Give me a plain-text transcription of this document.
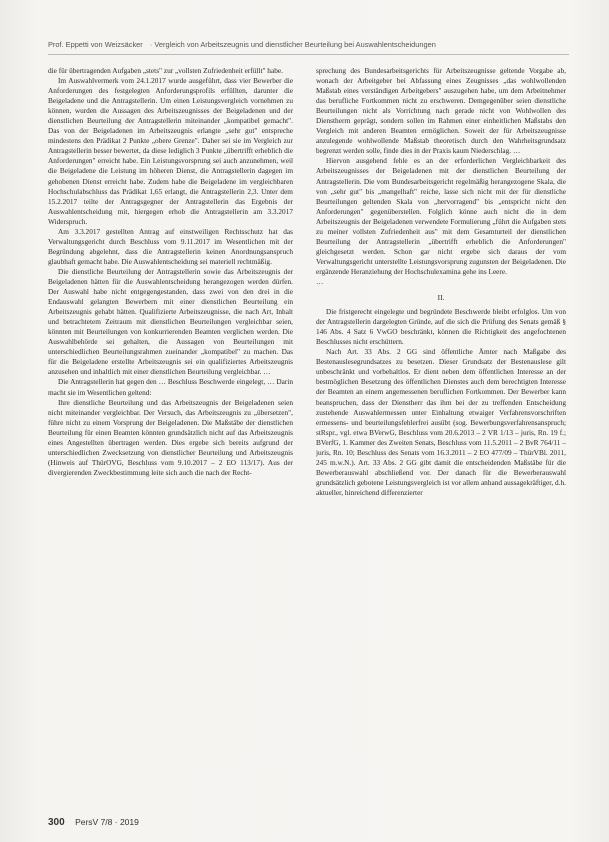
Prof. Eppetti von Weizsäcker · Vergleich von Arbeitszeugnis und dienstlicher Beurteilung bei Auswahlentscheidungen

die für übertragenden Aufgaben „stets" zur „vollsten Zufriedenheit erfüllt" habe.

Im Auswahlvermerk vom 24.1.2017 wurde ausgeführt, dass vier Bewerber die Anforderungen des festgelegten Anforderungsprofils erfüllten, darunter die Beigeladene und die Antragstellerin. Um einen Leistungsvergleich vornehmen zu können, wurden die Aussagen des Arbeitszeugnisses der Beigeladenen und der dienstlichen Beurteilung der Antragstellerin miteinander „kompatibel gemacht". Das von der Beigeladenen im Arbeitszeugnis erlangte „sehr gut" entspreche mindestens den Prädikat 2 Punkte „obere Grenze". Daher sei sie im Vergleich zur Antragstellerin besser bewertet, da diese lediglich 3 Punkte „übertrifft erheblich die Anforderungen" erreicht habe. Ein Leistungsvorsprung sei auch anzunehmen, weil die Beigeladene die Leistung im höheren Dienst, die Antragstellerin dagegen im gehobenen Dienst erreicht habe. Zudem habe die Beigeladene im vergleichbaren Hochschulabschluss das Prädikat 1,65 erlangt, die Antragstellerin 2,3. Unter dem 15.2.2017 teilte der Antragsgegner der Antragstellerin das Ergebnis der Auswahlentscheidung mit, hiergegen erhob die Antragstellerin am 3.3.2017 Widerspruch.

Am 3.3.2017 gestellten Antrag auf einstweiligen Rechtsschutz hat das Verwaltungsgericht durch Beschluss vom 9.11.2017 im Wesentlichen mit der Begründung abgelehnt, dass die Antragstellerin keinen Anordnungsanspruch glaubhaft gemacht habe. Die Auswahlentscheidung sei materiell rechtmäßig.

Die dienstliche Beurteilung der Antragstellerin sowie das Arbeitszeugnis der Beigeladenen hätten für die Auswahlentscheidung herangezogen werden dürfen. Der Auswahl habe nicht entgegengestanden, dass zwei von den drei in die Endauswahl gelangten Bewerbern mit einer dienstlichen Beurteilung ein Arbeitszeugnis gehabt hätten. Qualifizierte Arbeitszeugnisse, die nach Art, Inhalt und betrachtetem Zeitraum mit dienstlichen Beurteilungen vergleichbar seien, könnten mit Beurteilungen von konkurrierenden Beamten verglichen werden. Die Auswahlbehörde sei gehalten, die Aussagen von Beurteilungen mit unterschiedlichen Beurteilungsrahmen zueinander „kompatibel" zu machen. Das für die Beigeladene erstellte Arbeitszeugnis sei ein qualifiziertes Arbeitszeugnis anzusehen und inhaltlich mit einer dienstlichen Beurteilung vergleichbar. …

Die Antragstellerin hat gegen den … Beschluss Beschwerde eingelegt, … Darin macht sie im Wesentlichen geltend:

Ihre dienstliche Beurteilung und das Arbeitszeugnis der Beigeladenen seien nicht miteinander vergleichbar. Der Versuch, das Arbeitszeugnis zu „übersetzen", führe nicht zu einem Vorsprung der Beigeladenen. Die Maßstäbe der dienstlichen Beurteilung für einen Beamten könnten grundsätzlich nicht auf das Arbeitszeugnis eines Angestellten übertragen werden. Dies ergebe sich bereits aufgrund der unterschiedlichen Zwecksetzung von dienstlicher Beurteilung und Arbeitszeugnis (Hinweis auf ThürOVG, Beschluss vom 9.10.2017 – 2 EO 113/17). Aus der divergierenden Zweckbestimmung leite sich auch die nach der Recht-

sprechung des Bundesarbeitsgerichts für Arbeitszeugnisse geltende Vorgabe ab, wonach der Arbeitgeber bei Abfassung eines Zeugnisses „das wohlwollenden Maßstab eines verständigen Arbeitgebers" auszugehen habe, um dem Arbeitnehmer das berufliche Fortkommen nicht zu erschweren. Demgegenüber seien dienstliche Beurteilungen nicht als Vorrichtung nach gerade nicht von Wohlwollen des Dienstherrn geprägt, sondern sollen im Rahmen einer einheitlichen Maßstabs den Vergleich mit anderen Beamten ermöglichen. Soweit der für Arbeitszeugnisse anzulegende wohlwollende Maßstab theoretisch durch den Wahrheitsgrundsatz begrenzt werden solle, finde dies in der Praxis kaum Niederschlag. …

Hiervon ausgehend fehle es an der erforderlichen Vergleichbarkeit des Arbeitszeugnisses der Beigeladenen mit der dienstlichen Beurteilung der Antragstellerin. Die vom Bundesarbeitsgericht regelmäßig herangezogene Skala, die von „sehr gut" bis „mangelhaft" reiche, lasse sich nicht mit der für dienstliche Beurteilungen geltenden Skala von „hervorragend" bis „entspricht nicht den Anforderungen" gegenüberstellen. Folglich könne auch nicht die in dem Arbeitszeugnis der Beigeladenen verwendete Formulierung „führt die Aufgaben stets zu meiner vollsten Zufriedenheit aus" mit dem Gesamturteil der dienstlichen Beurteilung der Antragstellerin „übertrifft erheblich die Anforderungen" gleichgesetzt werden. Schon gar nicht ergebe sich daraus der vom Verwaltungsgericht unterstellte Leistungsvorsprung zugunsten der Beigeladenen. Die ergänzende Heranziehung der Hochschulexamina gehe ins Leere.

…

II.

Die fristgerecht eingelegte und begründete Beschwerde bleibt erfolglos. Um von der Antragstellerin dargelegten Gründe, auf die sich die Prüfung des Senats gemäß § 146 Abs. 4 Satz 6 VwGO beschränkt, können die Richtigkeit des angefochtenen Beschlusses nicht erschüttern.

Nach Art. 33 Abs. 2 GG sind öffentliche Ämter nach Maßgabe des Bestenauslesegrundsatzes zu besetzen. Dieser Grundsatz der Bestenauslese gilt unbeschränkt und vorbehaltlos. Er dient neben dem öffentlichen Interesse an der bestmöglichen Besetzung des öffentlichen Dienstes auch dem berechtigten Interesse der Beamten an einem angemessenen beruflichen Fortkommen. Der Bewerber kann beanspruchen, dass der Dienstherr das ihm bei der zu treffenden Entscheidung zustehende Auswahlermessen unter Einhaltung etwaiger Verfahrensvorschriften ermessens- und beurteilungsfehlerfrei ausübt (sog. Bewerbungsverfahrensanspruch; stRspr., vgl. etwa BVerwG, Beschluss vom 20.6.2013 – 2 VR 1/13 – juris, Rn. 19 f.; BVerfG, 1. Kammer des Zweiten Senats, Beschluss vom 11.5.2011 – 2 BvR 764/11 – juris, Rn. 10; Beschluss des Senats vom 16.3.2011 – 2 EO 477/09 – ThürVBl. 2011, 245 m.w.N.). Art. 33 Abs. 2 GG gibt damit die entscheidenden Maßstäbe für die Bewerberauswahl abschließend vor. Der danach für die Bewerberauswahl grundsätzlich gebotene Leistungsvergleich ist vor allem anhand aussagekräftiger, d.h. aktueller, hinreichend differenzierter

300 PersV 7/8 · 2019
